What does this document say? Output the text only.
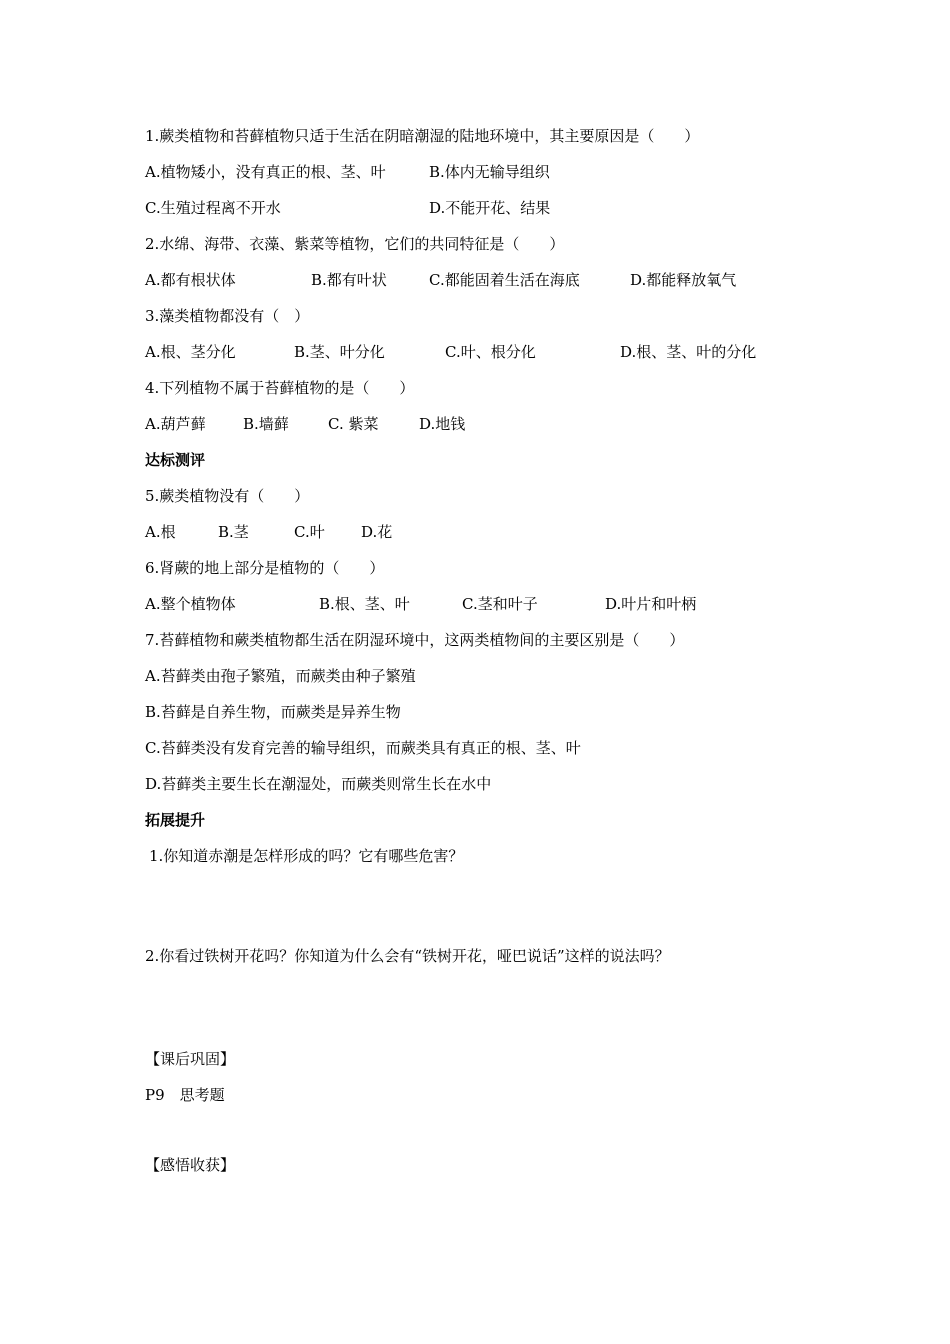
1.蕨类植物和苔藓植物只适于生活在阴暗潮湿的陆地环境中，其主要原因是（　　）
A.植物矮小，没有真正的根、茎、叶	B.体内无输导组织
C.生殖过程离不开水	D.不能开花、结果
2.水绵、海带、衣藻、紫菜等植物，它们的共同特征是（　　）
A.都有根状体	B.都有叶状	C.都能固着生活在海底	D.都能释放氧气
3.藻类植物都没有（　）
A.根、茎分化	B.茎、叶分化	C.叶、根分化	D.根、茎、叶的分化
4.下列植物不属于苔藓植物的是（　　）
A.葫芦藓 B.墙藓	C. 紫菜	D.地钱
达标测评
5.蕨类植物没有（　　）
A.根	B.茎	C.叶 D.花
6.肾蕨的地上部分是植物的（　　）
A.整个植物体	B.根、茎、叶	C.茎和叶子	D.叶片和叶柄
7.苔藓植物和蕨类植物都生活在阴湿环境中，这两类植物间的主要区别是（　　）
A.苔藓类由孢子繁殖，而蕨类由种子繁殖
B.苔藓是自养生物，而蕨类是异养生物
C.苔藓类没有发育完善的输导组织，而蕨类具有真正的根、茎、叶
D.苔藓类主要生长在潮湿处，而蕨类则常生长在水中
拓展提升
1.你知道赤潮是怎样形成的吗？它有哪些危害？
2.你看过铁树开花吗？你知道为什么会有“铁树开花，哑巴说话”这样的说法吗？
【课后巩固】
P9　思考题
【感悟收获】
